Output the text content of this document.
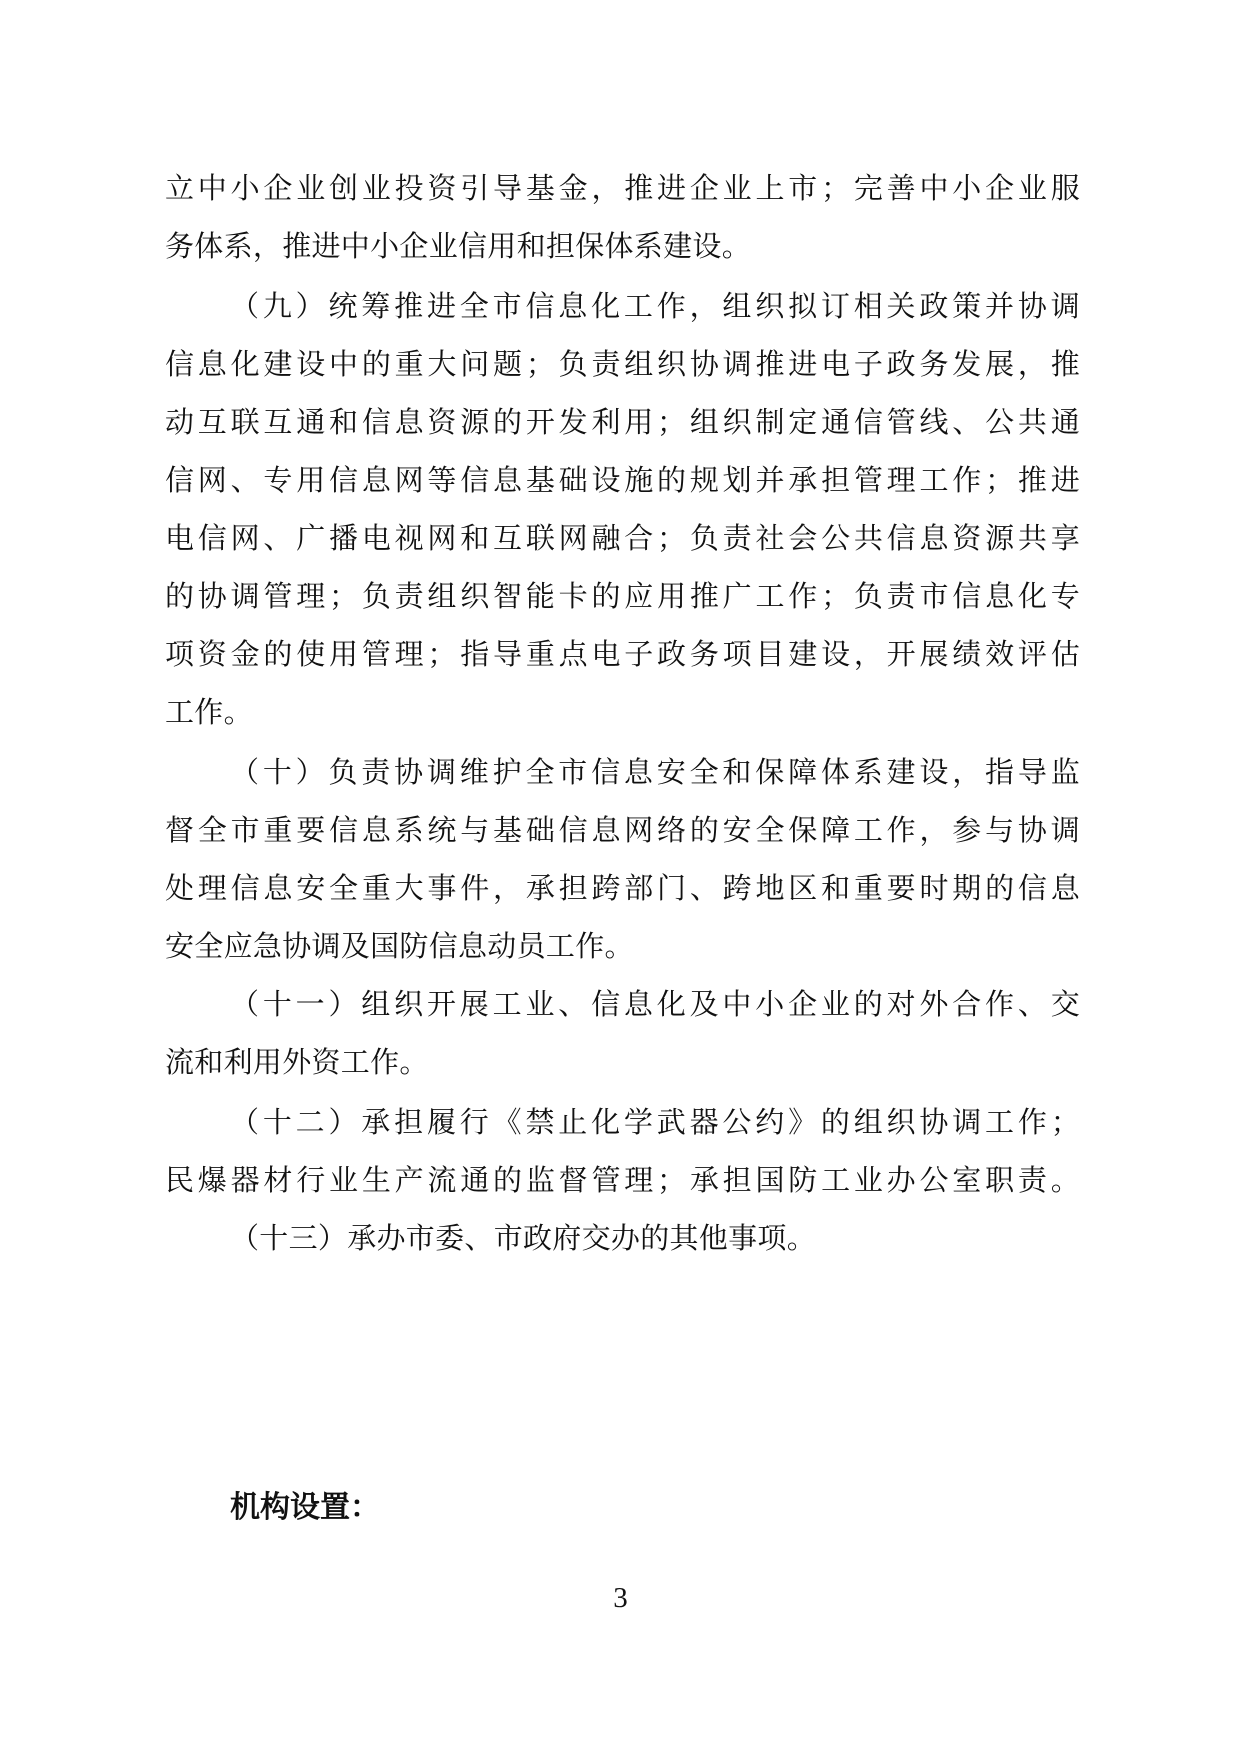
立中小企业创业投资引导基金，推进企业上市；完善中小企业服
务体系，推进中小企业信用和担保体系建设。
（九）统筹推进全市信息化工作，组织拟订相关政策并协调
信息化建设中的重大问题；负责组织协调推进电子政务发展，推
动互联互通和信息资源的开发利用；组织制定通信管线、公共通
信网、专用信息网等信息基础设施的规划并承担管理工作；推进
电信网、广播电视网和互联网融合；负责社会公共信息资源共享
的协调管理；负责组织智能卡的应用推广工作；负责市信息化专
项资金的使用管理；指导重点电子政务项目建设，开展绩效评估
工作。
（十）负责协调维护全市信息安全和保障体系建设，指导监
督全市重要信息系统与基础信息网络的安全保障工作，参与协调
处理信息安全重大事件，承担跨部门、跨地区和重要时期的信息
安全应急协调及国防信息动员工作。
（十一）组织开展工业、信息化及中小企业的对外合作、交
流和利用外资工作。
（十二）承担履行《禁止化学武器公约》的组织协调工作；
民爆器材行业生产流通的监督管理；承担国防工业办公室职责。
（十三）承办市委、市政府交办的其他事项。
机构设置：
3
